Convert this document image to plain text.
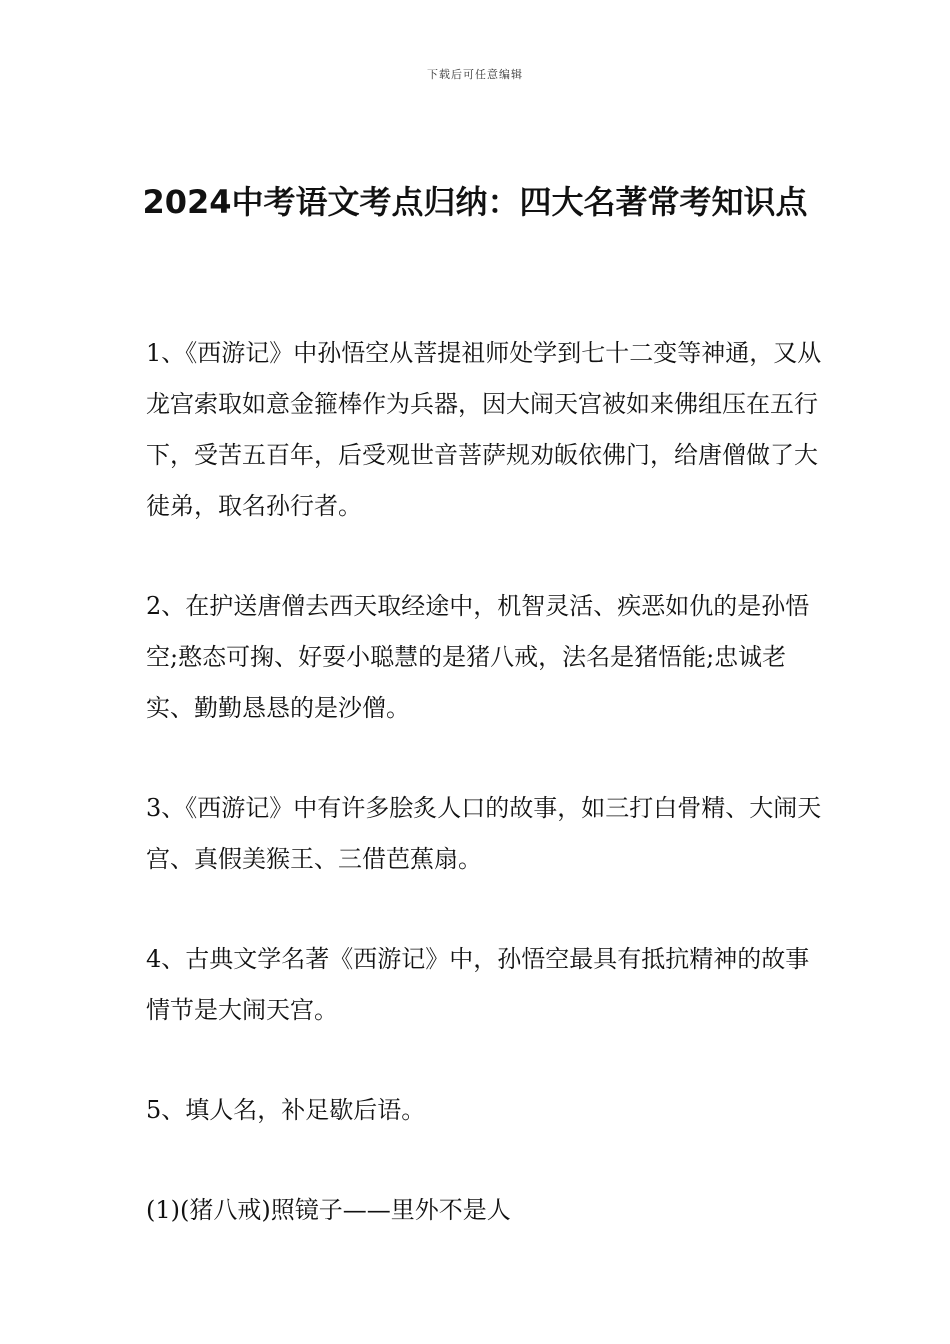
下载后可任意编辑
2024中考语文考点归纳：四大名著常考知识点

1、《西游记》中孙悟空从菩提祖师处学到七十二变等神通，又从龙宫索取如意金箍棒作为兵器，因大闹天宫被如来佛组压在五行下，受苦五百年，后受观世音菩萨规劝皈依佛门，给唐僧做了大徒弟，取名孙行者。

2、在护送唐僧去西天取经途中，机智灵活、疾恶如仇的是孙悟空;憨态可掬、好耍小聪慧的是猪八戒，法名是猪悟能;忠诚老实、勤勤恳恳的是沙僧。

3、《西游记》中有许多脍炙人口的故事，如三打白骨精、大闹天宫、真假美猴王、三借芭蕉扇。

4、古典文学名著《西游记》中，孙悟空最具有抵抗精神的故事情节是大闹天宫。

5、填人名，补足歇后语。

(1)(猪八戒)照镜子——里外不是人
